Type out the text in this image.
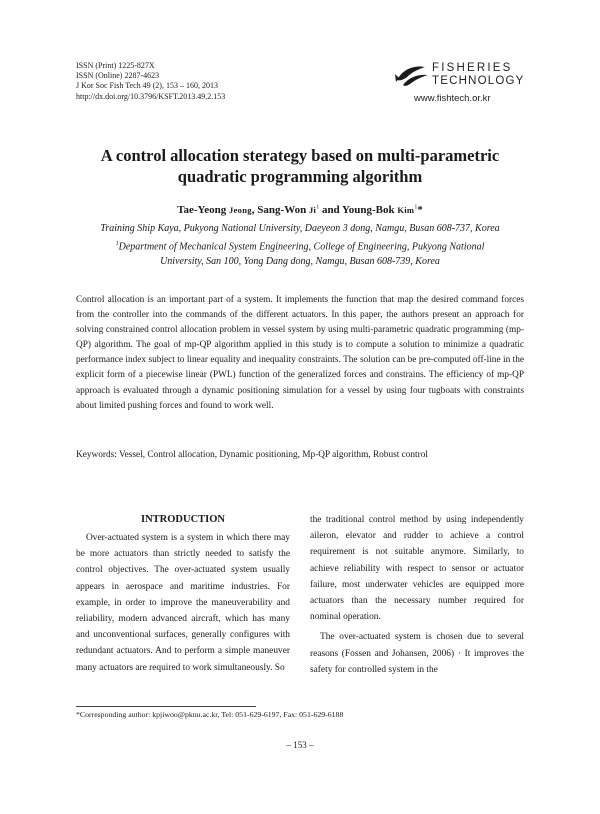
ISSN (Print) 1225-827X
ISSN (Online) 2287-4623
J Kor Soc Fish Tech 49 (2), 153 – 160, 2013
http://dx.doi.org/10.3796/KSFT.2013.49.2.153
FISHERIES
TECHNOLOGY
www.fishtech.or.kr
A control allocation sterategy based on multi-parametric
quadratic programming algorithm
Tae-Yeong Jeong, Sang-Won Ji$^1$ and Young-Bok Kim$^1$*
Training Ship Kaya, Pukyong National University, Daeyeon 3 dong, Namgu, Busan 608-737, Korea
$^1$Department of Mechanical System Engineering, College of Engineering, Pukyong National
University, San 100, Yong Dang dong, Namgu, Busan 608-739, Korea
Control allocation is an important part of a system. It implements the function that map the desired command forces from the controller into the commands of the different actuators. In this paper, the authors present an approach for solving constrained control allocation problem in vessel system by using multi-parametric quadratic programming (mp-QP) algorithm. The goal of mp-QP algorithm applied in this study is to compute a solution to minimize a quadratic performance index subject to linear equality and inequality constraints. The solution can be pre-computed off-line in the explicit form of a piecewise linear (PWL) function of the generalized forces and constrains. The efficiency of mp-QP approach is evaluated through a dynamic positioning simulation for a vessel by using four tugboats with constraints about limited pushing forces and found to work well.
Keywords: Vessel, Control allocation, Dynamic positioning, Mp-QP algorithm, Robust control
INTRODUCTION

Over-actuated system is a system in which there may be more actuators than strictly needed to satisfy the control objectives. The over-actuated system usually appears in aerospace and maritime industries. For example, in order to improve the maneuverability and reliability, modern advanced aircraft, which has many and unconventional surfaces, generally configures with redundant actuators. And to perform a simple maneuver many actuators are required to work simultaneously. So

the traditional control method by using independently aileron, elevator and rudder to achieve a control requirement is not suitable anymore. Similarly, to achieve reliability with respect to sensor or actuator failure, most underwater vehicles are equipped more actuators than the necessary number required for nominal operation.

The over-actuated system is chosen due to several reasons (Fossen and Johansen, 2006) · It improves the safety for controlled system in the

*Corresponding author: kpjiwoo@pknu.ac.kr, Tel: 051-629-6197, Fax: 051-629-6188
– 153 –
